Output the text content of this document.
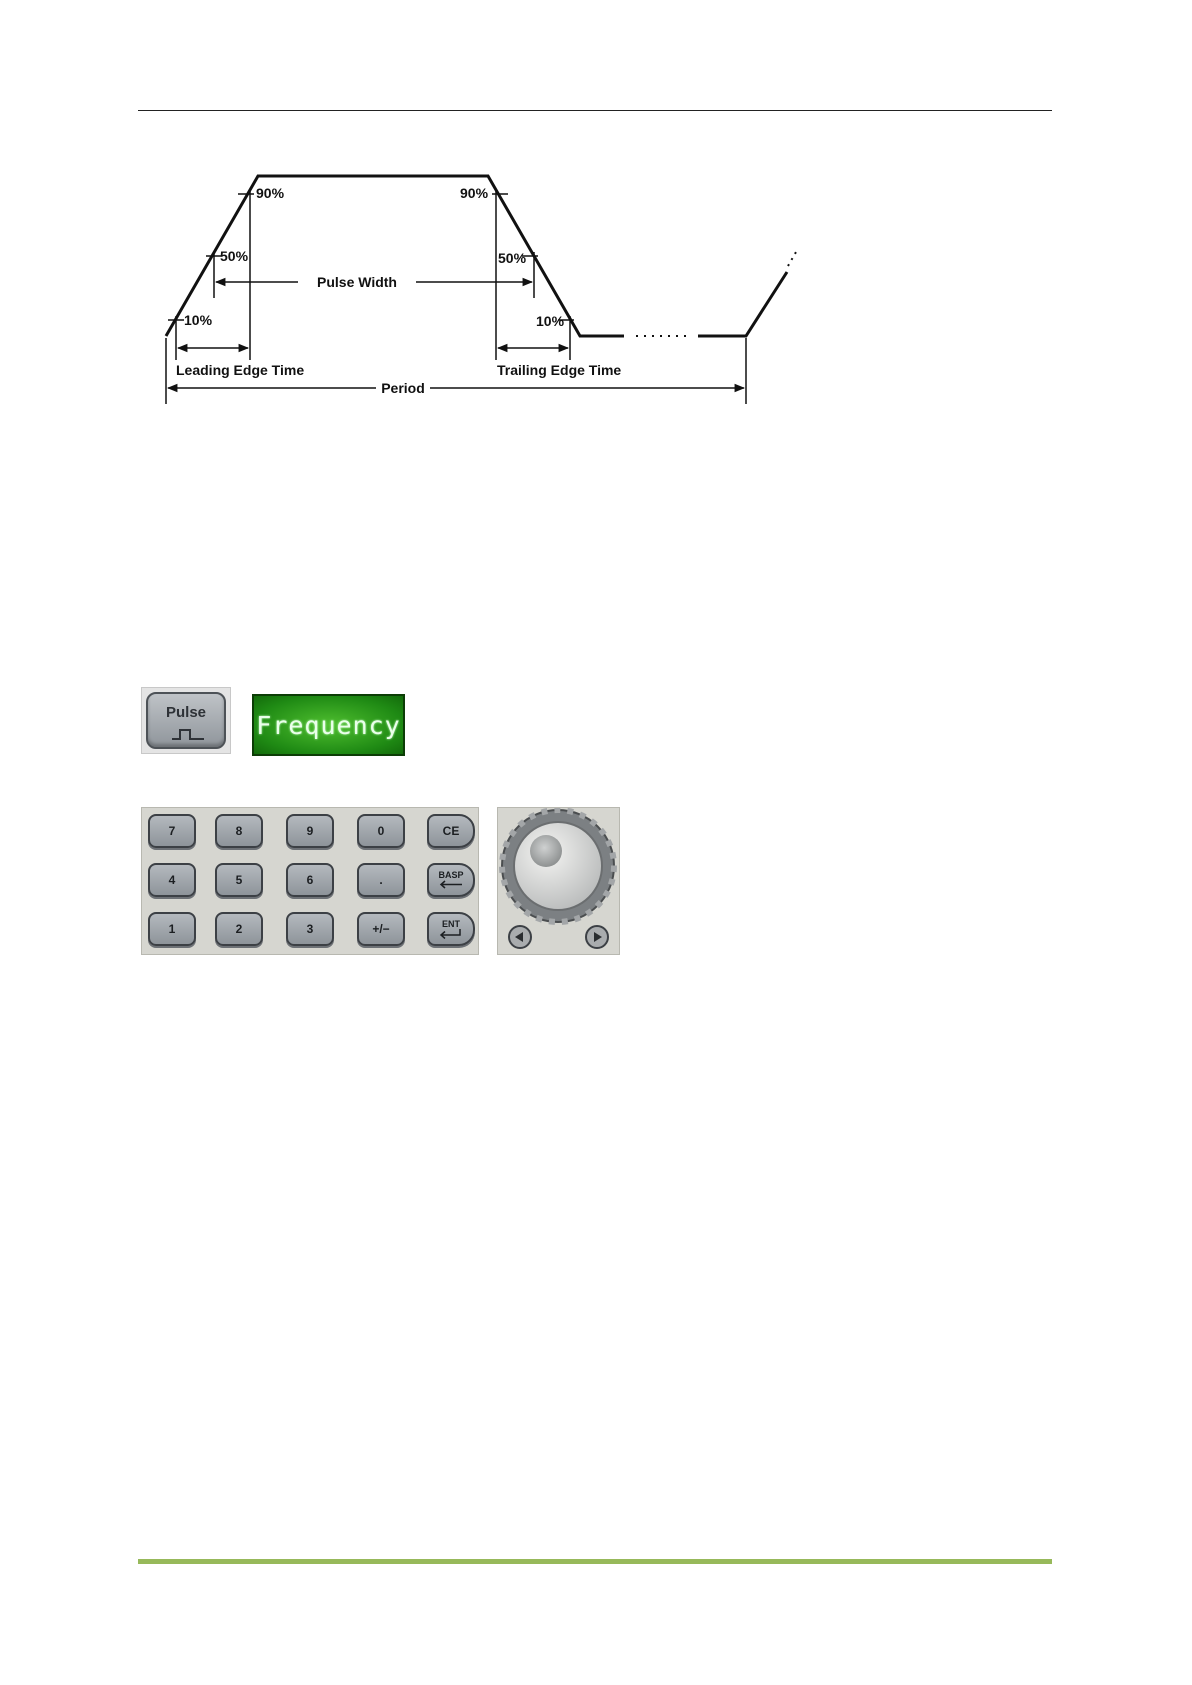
90%
50%
10%
90%
50%
10%
Pulse Width
Leading Edge Time	Trailing Edge Time
Period
Pulse	Frequency
7	8	9	0	CE
4	5	6	.	BASP
1	2	3	+/−	ENT
